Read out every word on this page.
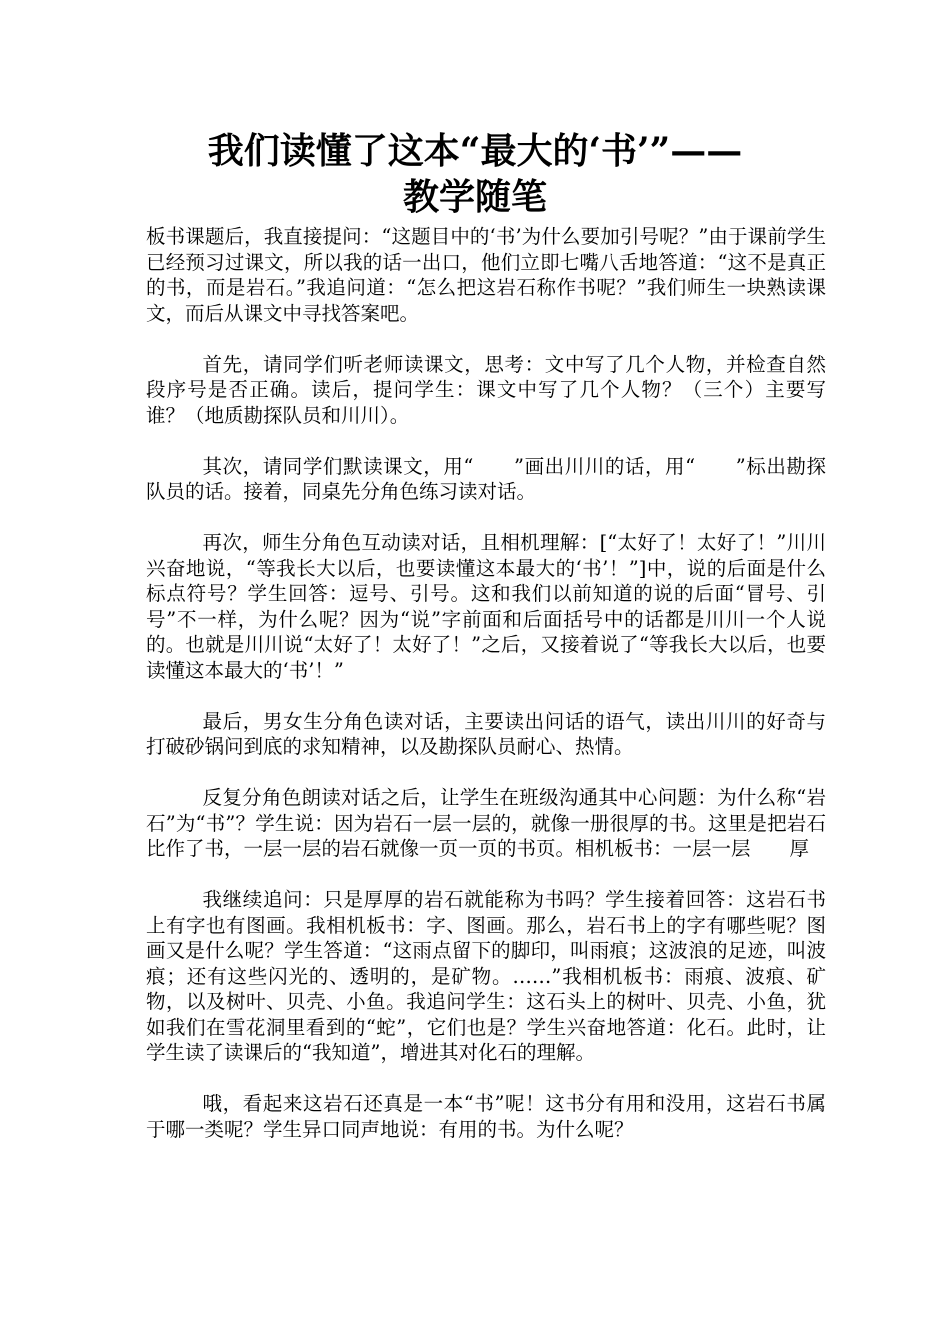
我们读懂了这本“最大的‘书’”——
教学随笔

板书课题后，我直接提问：“这题目中的‘书’为什么要加引号呢？”由于课前学生已经预习过课文，所以我的话一出口，他们立即七嘴八舌地答道：“这不是真正的书，而是岩石。”我追问道：“怎么把这岩石称作书呢？”我们师生一块熟读课文，而后从课文中寻找答案吧。

首先，请同学们听老师读课文，思考：文中写了几个人物，并检查自然段序号是否正确。读后，提问学生：课文中写了几个人物？（三个）主要写谁？（地质勘探队员和川川）。

其次，请同学们默读课文，用“　　”画出川川的话，用“　　”标出勘探队员的话。接着，同桌先分角色练习读对话。

再次，师生分角色互动读对话，且相机理解：[“太好了！太好了！”川川兴奋地说，“等我长大以后，也要读懂这本最大的‘书’！”]中，说的后面是什么标点符号？学生回答：逗号、引号。这和我们以前知道的说的后面“冒号、引号”不一样，为什么呢？因为“说”字前面和后面括号中的话都是川川一个人说的。也就是川川说“太好了！太好了！”之后，又接着说了“等我长大以后，也要读懂这本最大的‘书’！”

最后，男女生分角色读对话，主要读出问话的语气，读出川川的好奇与打破砂锅问到底的求知精神，以及勘探队员耐心、热情。

反复分角色朗读对话之后，让学生在班级沟通其中心问题：为什么称“岩石”为“书”？学生说：因为岩石一层一层的，就像一册很厚的书。这里是把岩石比作了书，一层一层的岩石就像一页一页的书页。相机板书：一层一层　　厚

我继续追问：只是厚厚的岩石就能称为书吗？学生接着回答：这岩石书上有字也有图画。我相机板书：字、图画。那么，岩石书上的字有哪些呢？图画又是什么呢？学生答道：“这雨点留下的脚印，叫雨痕；这波浪的足迹，叫波痕；还有这些闪光的、透明的，是矿物。……”我相机板书：雨痕、波痕、矿物，以及树叶、贝壳、小鱼。我追问学生：这石头上的树叶、贝壳、小鱼，犹如我们在雪花洞里看到的“蛇”，它们也是？学生兴奋地答道：化石。此时，让学生读了读课后的“我知道”，增进其对化石的理解。

哦，看起来这岩石还真是一本“书”呢！这书分有用和没用，这岩石书属于哪一类呢？学生异口同声地说：有用的书。为什么呢？
